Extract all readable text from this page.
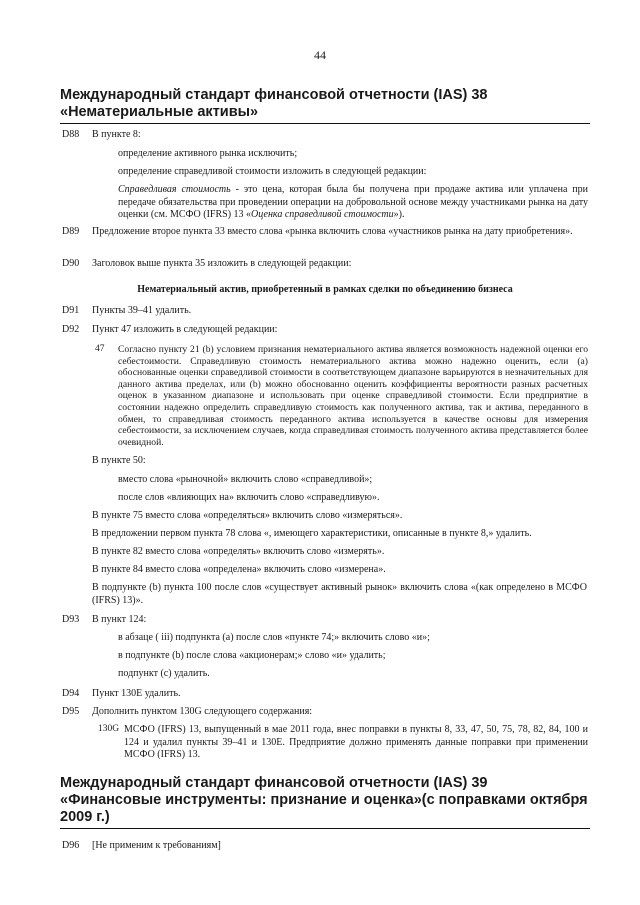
44
Международный стандарт финансовой отчетности (IAS) 38
«Нематериальные активы»
D88 В пункте 8:
определение активного рынка исключить;
определение справедливой стоимости изложить в следующей редакции:
Справедливая стоимость - это цена, которая была бы получена при продаже актива или уплачена при передаче обязательства при проведении операции на добровольной основе между участниками рынка на дату оценки (см. МСФО (IFRS) 13 «Оценка справедливой стоимости»).
D89 Предложение второе пункта 33 вместо слова «рынка включить слова «участников рынка на дату приобретения».
D90 Заголовок выше пункта 35 изложить в следующей редакции:
Нематериальный актив, приобретенный в рамках сделки по объединению бизнеса
D91 Пункты 39–41 удалить.
D92 Пункт 47 изложить в следующей редакции:
47 Согласно пункту 21 (b) условием признания нематериального актива является возможность надежной оценки его себестоимости. Справедливую стоимость нематериального актива можно надежно оценить, если (а) обоснованные оценки справедливой стоимости в соответствующем диапазоне варьируются в незначительных для данного актива пределах, или (b) можно обоснованно оценить коэффициенты вероятности разных расчетных оценок в указанном диапазоне и использовать при оценке справедливой стоимости. Если предприятие в состоянии надежно определить справедливую стоимость как полученного актива, так и актива, переданного в обмен, то справедливая стоимость переданного актива используется в качестве основы для измерения себестоимости, за исключением случаев, когда справедливая стоимость полученного актива представляется более очевидной.
В пункте 50:
вместо слова «рыночной» включить слово «справедливой»;
после слов «влияющих на» включить слово «справедливую».
В пункте 75 вместо слова «определяться» включить слово «измеряться».
В предложении первом пункта 78 слова «, имеющего характеристики, описанные в пункте 8,» удалить.
В пункте 82 вместо слова «определять» включить слово «измерять».
В пункте 84 вместо слова «определена» включить слово «измерена».
В подпункте (b) пункта 100 после слов «существует активный рынок» включить слова «(как определено в МСФО (IFRS) 13)».
D93 В пункт 124:
в абзаце ( iii) подпункта (а) после слов «пункте 74;» включить слово «и»;
в подпункте (b) после слова «акционерам;» слово «и» удалить;
подпункт (с) удалить.
D94 Пункт 130Е удалить.
D95 Дополнить пунктом 130G следующего содержания:
130G МСФО (IFRS) 13, выпущенный в мае 2011 года, внес поправки в пункты 8, 33, 47, 50, 75, 78, 82, 84, 100 и 124 и удалил пункты 39–41 и 130E. Предприятие должно применять данные поправки при применении МСФО (IFRS) 13.
Международный стандарт финансовой отчетности (IAS) 39
«Финансовые инструменты: признание и оценка»(с поправками октября
2009 г.)
D96 [Не применим к требованиям]
